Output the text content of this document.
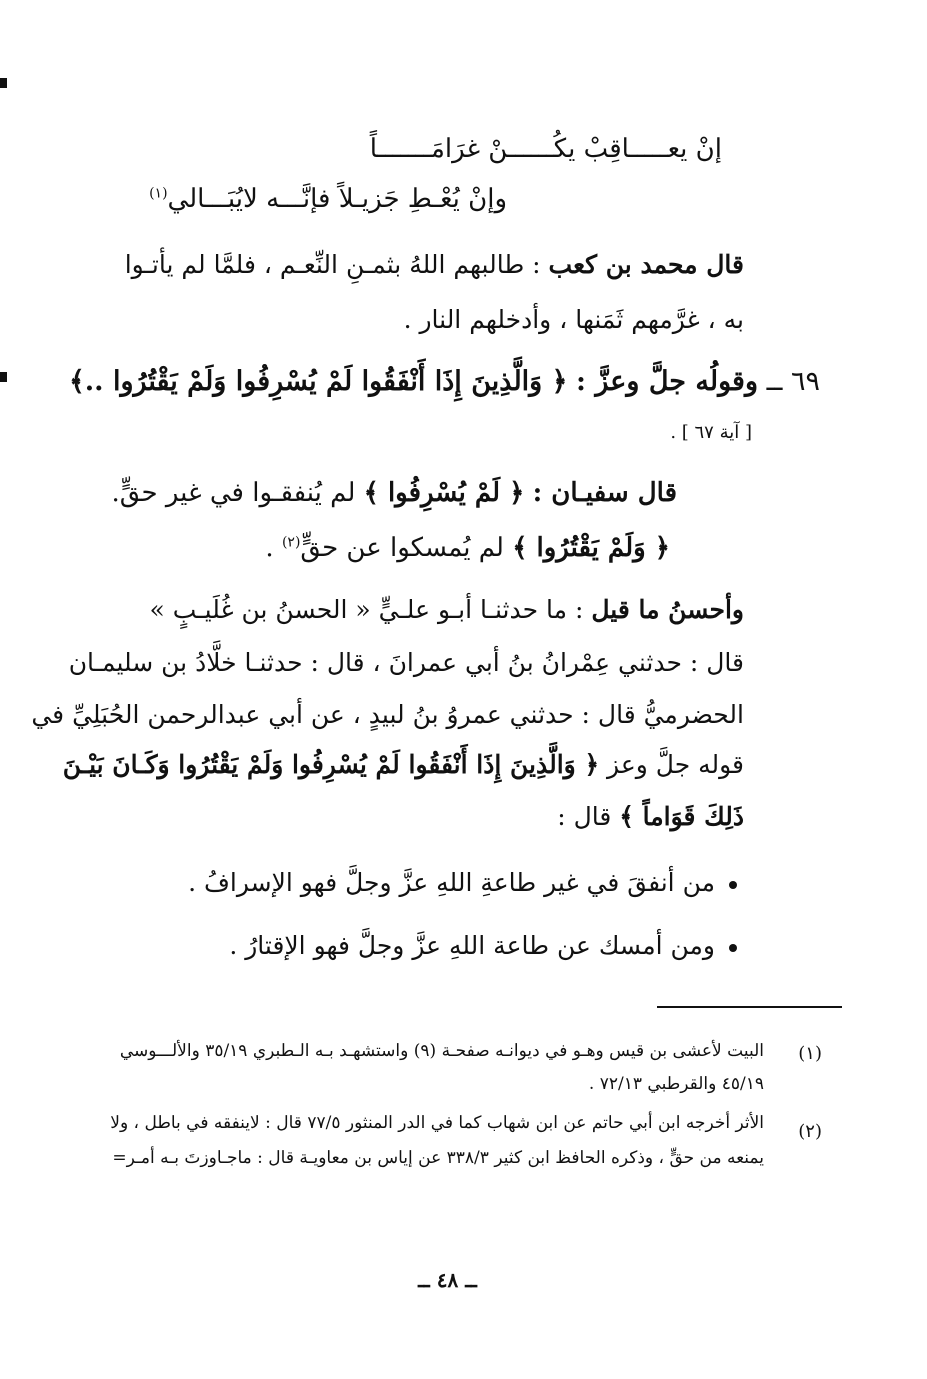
إنْ يعـــــاقِبْ يكُــــــنْ غرَامَـــــــاً
وإنْ يُعْـطِ جَزيـلاً فإنَّـــه لايُبَـــالي$^{(١)}$
قال محمد بن كعب : طالبهم اللهُ بثمـنِ النِّعـم ، فلمَّا لم يأتـوا
به ، غرَّمهم ثَمَنها ، وأدخلهم النار .
٦٩ ــ وقولُه جلَّ وعزَّ : ﴿ وَالَّذِينَ إِذَا أَنْفَقُوا لَمْ يُسْرِفُوا وَلَمْ يَقْتُرُوا ..﴾
[ آية ٦٧ ] .
قال سفيـان : ﴿ لَمْ يُسْرِفُوا ﴾ لم يُنفقـوا في غير حقٍّ.
﴿ وَلَمْ يَقْتُرُوا ﴾ لم يُمسكوا عن حقٍّ$^{(٢)}$ .
وأحسنُ ما قيل : ما حدثنـا أبـو علـيٍّ « الحسنُ بن غُلَيـبٍ »
قال : حدثني عِمْرانُ بنُ أبي عمرانَ ، قال : حدثنـا خلَّادُ بن سليمـان
الحضرميُّ قال : حدثني عمروُ بنُ لبيدٍ ، عن أبي عبدالرحمن الحُبَلِيِّ في
قوله جلَّ وعز ﴿ وَالَّذِينَ إِذَا أَنْفَقُوا لَمْ يُسْرِفُوا وَلَمْ يَقْتُرُوا وَكَـانَ بَيْـنَ
ذَلِكَ قَوَاماً ﴾ قال :
من أنفقَ في غير طاعةِ اللهِ عزَّ وجلَّ فهو الإسرافُ .
ومن أمسك عن طاعة اللهِ عزَّ وجلَّ فهو الإقتارُ .
(١)
البيت لأعشى بن قيس وهـو في ديوانـه صفحـة (٩) واستشهـد بـه الـطبري ٣٥/١٩ والألـــوسي
٤٥/١٩ والقرطبي ٧٢/١٣ .
(٢)
الأثر أخرجه ابن أبي حاتم عن ابن شهاب كما في الدر المنثور ٧٧/٥ قال : لاينفقه في باطل ، ولا
يمنعه من حقٍّ ، وذكره الحافظ ابن كثير ٣٣٨/٣ عن إياس بن معاويـة قال : ماجـاوزتَ بـه أمـر=
ــ ٤٨ ــ
